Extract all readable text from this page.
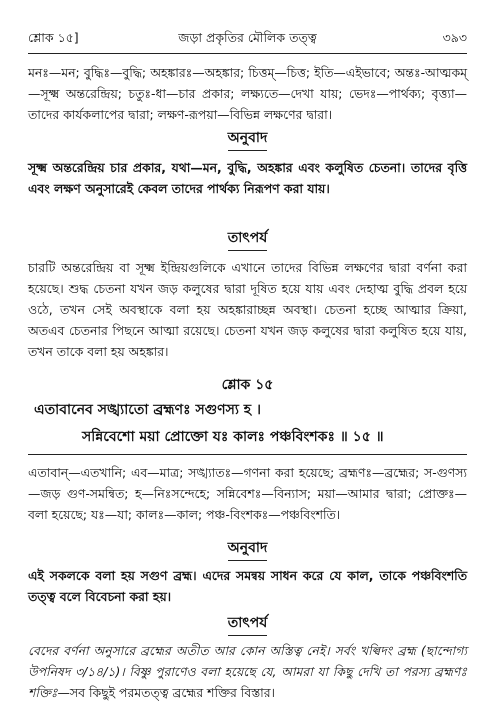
শ্লোক ১৫]	জড়া প্রকৃতির মৌলিক তত্ত্ব	৩৯৩

মনঃ—মন; বুদ্ধিঃ—বুদ্ধি; অহঙ্কারঃ—অহঙ্কার; চিত্তম্—চিত্ত; ইতি—এইভাবে; অন্তঃ-আত্মকম্—সূক্ষ্ম অন্তরেন্দ্রিয়; চতুঃ-ধা—চার প্রকার; লক্ষ্যতে—দেখা যায়; ভেদঃ—পার্থক্য; বৃত্ত্যা—তাদের কার্যকলাপের দ্বারা; লক্ষণ-রূপয়া—বিভিন্ন লক্ষণের দ্বারা।

অনুবাদ

সূক্ষ্ম অন্তরেন্দ্রিয় চার প্রকার, যথা—মন, বুদ্ধি, অহঙ্কার এবং কলুষিত চেতনা। তাদের বৃত্তি এবং লক্ষণ অনুসারেই কেবল তাদের পার্থক্য নিরূপণ করা যায়।

তাৎপর্য

চারটি অন্তরেন্দ্রিয় বা সূক্ষ্ম ইন্দ্রিয়গুলিকে এখানে তাদের বিভিন্ন লক্ষণের দ্বারা বর্ণনা করা হয়েছে। শুদ্ধ চেতনা যখন জড় কলুষের দ্বারা দূষিত হয়ে যায় এবং দেহাত্ম বুদ্ধি প্রবল হয়ে ওঠে, তখন সেই অবস্থাকে বলা হয় অহঙ্কারাচ্ছন্ন অবস্থা। চেতনা হচ্ছে আত্মার ক্রিয়া, অতএব চেতনার পিছনে আত্মা রয়েছে। চেতনা যখন জড় কলুষের দ্বারা কলুষিত হয়ে যায়, তখন তাকে বলা হয় অহঙ্কার।

শ্লোক ১৫
এতাবানেব সঙ্খ্যাতো ব্রহ্মণঃ সগুণস্য হ ।
সন্নিবেশো ময়া প্রোক্তো যঃ কালঃ পঞ্চবিংশকঃ ॥ ১৫ ॥

এতাবান্—এতখানি; এব—মাত্র; সঙ্খ্যাতঃ—গণনা করা হয়েছে; ব্রহ্মণঃ—ব্রহ্মের; স-গুণস্য—জড় গুণ-সমন্বিত; হ—নিঃসন্দেহে; সন্নিবেশঃ—বিন্যাস; ময়া—আমার দ্বারা; প্রোক্তঃ—বলা হয়েছে; যঃ—যা; কালঃ—কাল; পঞ্চ-বিংশকঃ—পঞ্চবিংশতি।

অনুবাদ

এই সকলকে বলা হয় সগুণ ব্রহ্ম। এদের সমন্বয় সাধন করে যে কাল, তাকে পঞ্চবিংশতি তত্ত্ব বলে বিবেচনা করা হয়।

তাৎপর্য

বেদের বর্ণনা অনুসারে ব্রহ্মের অতীত আর কোন অস্তিত্ব নেই। সর্বং খল্বিদং ব্রহ্ম (ছান্দোগ্য উপনিষদ ৩/১৪/১)। বিষ্ণু পুরাণেও বলা হয়েছে যে, আমরা যা কিছু দেখি তা পরস্য ব্রহ্মণঃ শক্তিঃ—সব কিছুই পরমতত্ত্ব ব্রহ্মের শক্তির বিস্তার।
